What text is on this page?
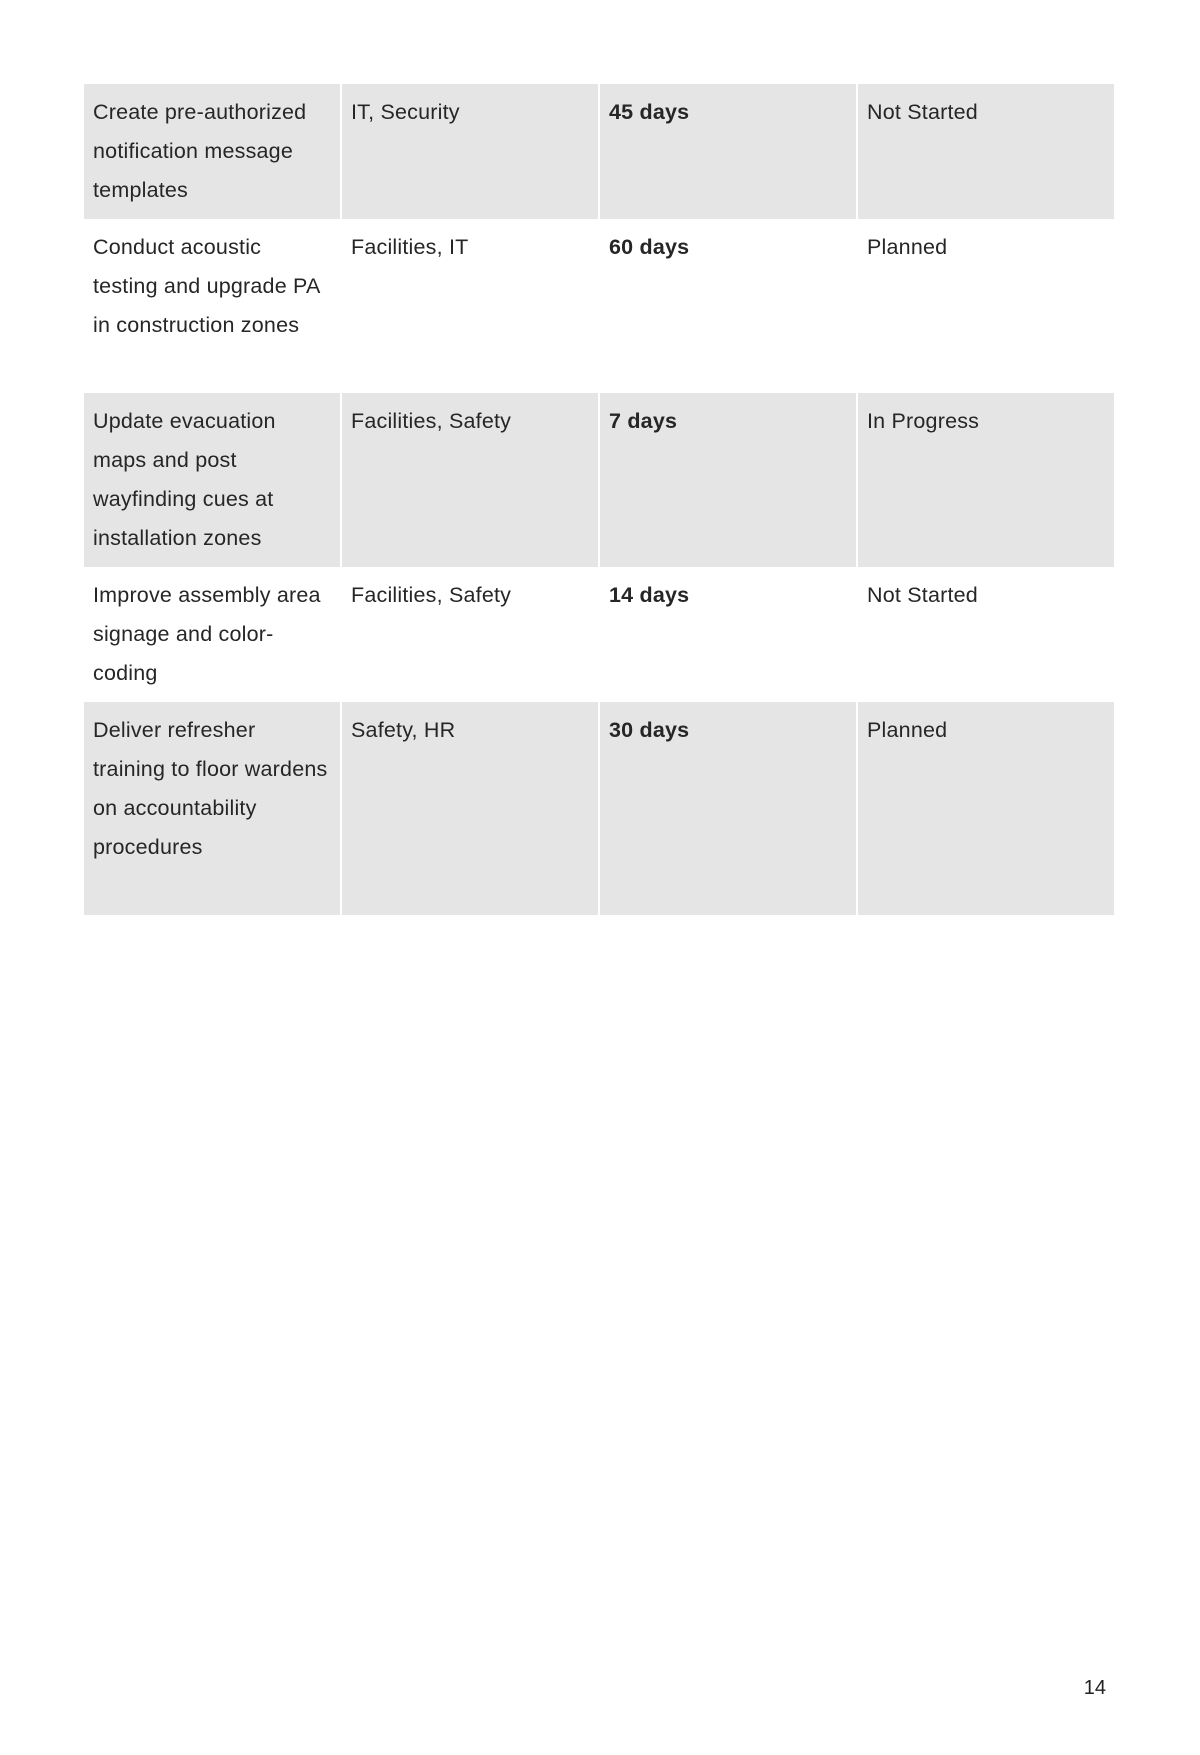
Create pre-authorized notification message templates	IT, Security	45 days	Not Started
Conduct acoustic testing and upgrade PA in construction zones	Facilities, IT	60 days	Planned
Update evacuation maps and post wayfinding cues at installation zones	Facilities, Safety	7 days	In Progress
Improve assembly area signage and color-coding	Facilities, Safety	14 days	Not Started
Deliver refresher training to floor wardens on accountability procedures	Safety, HR	30 days	Planned
14
